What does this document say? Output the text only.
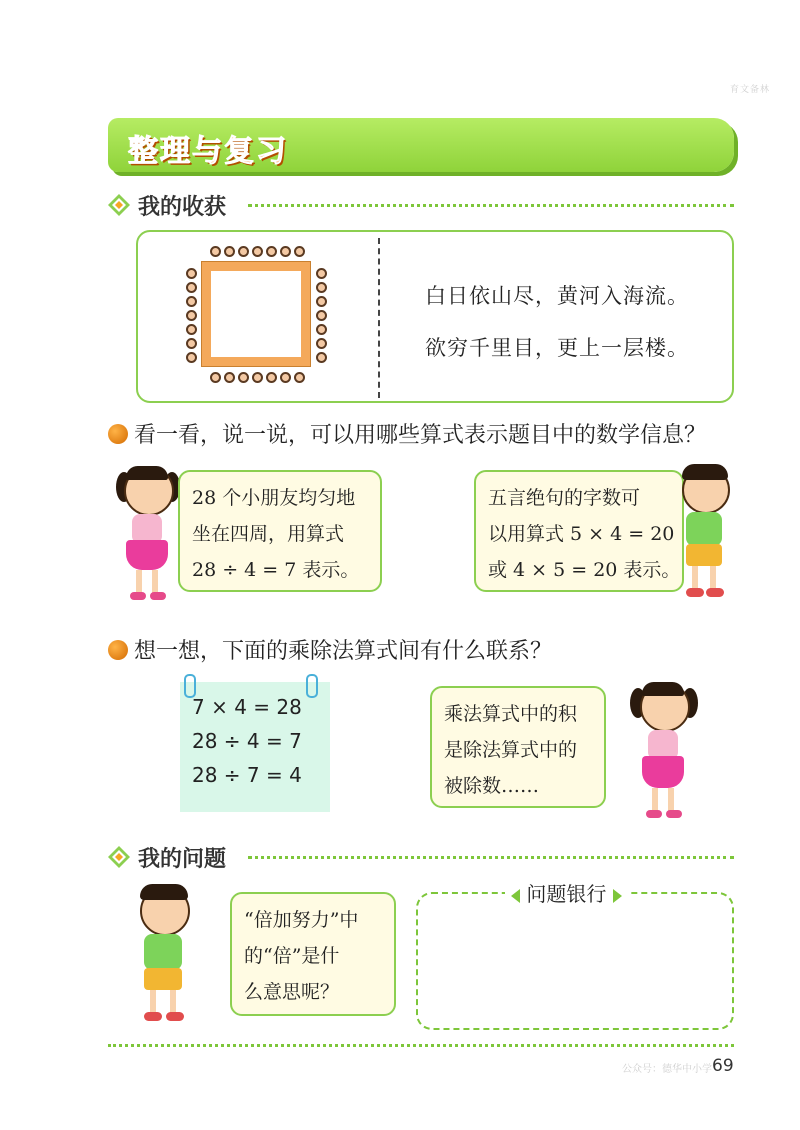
育文备林
整理与复习
我的收获
白日依山尽，黄河入海流。
欲穷千里目，更上一层楼。
看一看，说一说，可以用哪些算式表示题目中的数学信息？
28 个小朋友均匀地
坐在四周，用算式
28 ÷ 4 = 7 表示。
五言绝句的字数可
以用算式 5 × 4 = 20
或 4 × 5 = 20 表示。
想一想，下面的乘除法算式间有什么联系？
7 × 4 = 28
28 ÷ 4 = 7
28 ÷ 7 = 4
乘法算式中的积
是除法算式中的
被除数……
我的问题
“倍加努力”中
的“倍”是什
么意思呢？
问题银行
公众号：德华中小学 69
